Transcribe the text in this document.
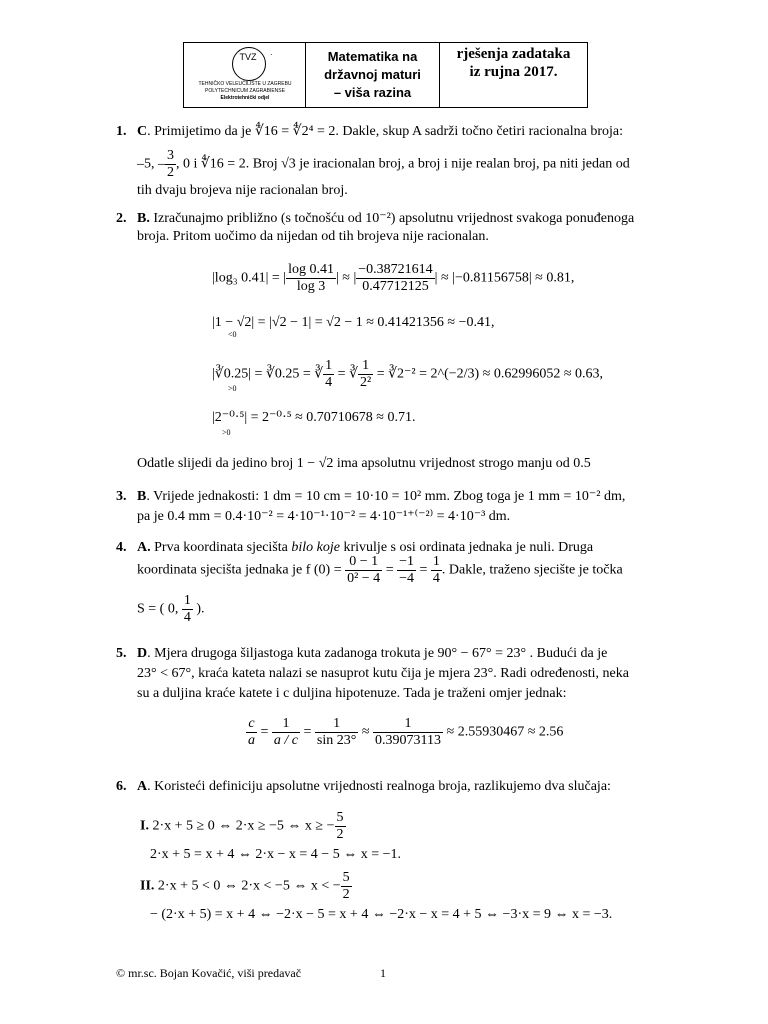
TVZ	·
TEHNIČKO VELEUČILIŠTE U ZAGREBU
POLYTECHNICUM ZAGRABIENSE
Elektrotehnički odjel
Matematika na
državnoj maturi
– viša razina
rješenja zadataka
iz rujna 2017.
1. C. Primijetimo da je ∜16 = ∜2⁴ = 2. Dakle, skup A sadrži točno četiri racionalna broja:
–5, – $\frac{3}{2}$ , 0 i ∜16 = 2. Broj √3 je iracionalan broj, a broj i nije realan broj, pa niti jedan od
tih dvaju brojeva nije racionalan broj.
2. B. Izračunajmo približno (s točnošću od 10⁻²) apsolutnu vrijednost svakoga ponuđenoga
broja. Pritom uočimo da nijedan od tih brojeva nije racionalan.
|log₃ 0.41| = | $\frac{\log 0.41}{\log 3}$ | ≈ | $\frac{-0.38721614}{0.47712125}$ | ≈ |−0.81156758| ≈ 0.81,
|1 − √2| = |√2 − 1| = √2 − 1 ≈ 0.41421356 ≈ −0.41,
<0
|∛0.25| = ∛0.25 = ∛ $\frac{1}{4}$ = ∛ $\frac{1}{\text{2²}}$ = ∛2⁻² = 2^(−2/3) ≈ 0.62996052 ≈ 0.63,
>0
|2⁻⁰·⁵| = 2⁻⁰·⁵ ≈ 0.70710678 ≈ 0.71.
>0
Odatle slijedi da jedino broj 1 − √2 ima apsolutnu vrijednost strogo manju od 0.5
3. B. Vrijede jednakosti: 1 dm = 10 cm = 10·10 = 10² mm. Zbog toga je 1 mm = 10⁻² dm,
pa je 0.4 mm = 0.4·10⁻² = 4·10⁻¹·10⁻² = 4·10⁻¹⁺⁽⁻²⁾ = 4·10⁻³ dm.
4. A. Prva koordinata sjecišta bilo koje krivulje s osi ordinata jednaka je nuli. Druga
koordinata sjecišta jednaka je f $(0) = \frac{0 - 1}{\text{0² − 4}} = \frac{-1}{-4} = \frac{1}{4}$ . Dakle, traženo sjecište je točka
S = ( 0, $\frac{1}{4}$ ).
5. D. Mjera drugoga šiljastoga kuta zadanoga trokuta je 90° − 67° = 23° . Budući da je
23° < 67°, kraća kateta nalazi se nasuprot kutu čija je mjera 23°. Radi određenosti, neka
su a duljina kraće katete i c duljina hipotenuze. Tada je traženi omjer jednak:
$\frac{c}{a} = \frac{1}{a / c} = \frac{1}{\sin 23^\circ} \approx \frac{1}{0.39073113} \approx 2.55930467 \approx 2.56$
6. A. Koristeći definiciju apsolutne vrijednosti realnoga broja, razlikujemo dva slučaja:
I. 2·x + 5 ≥ 0 ⇔ 2·x ≥ −5 ⇔ x ≥ − $\frac{5}{2}$
2·x + 5 = x + 4 ⇔ 2·x − x = 4 − 5 ⇔ x = −1.
II. 2·x + 5 < 0 ⇔ 2·x < −5 ⇔ x < − $\frac{5}{2}$
− (2·x + 5) = x + 4 ⇔ −2·x − 5 = x + 4 ⇔ −2·x − x = 4 + 5 ⇔ −3·x = 9 ⇔ x = −3.
© mr.sc. Bojan Kovačić, viši predavač	1
